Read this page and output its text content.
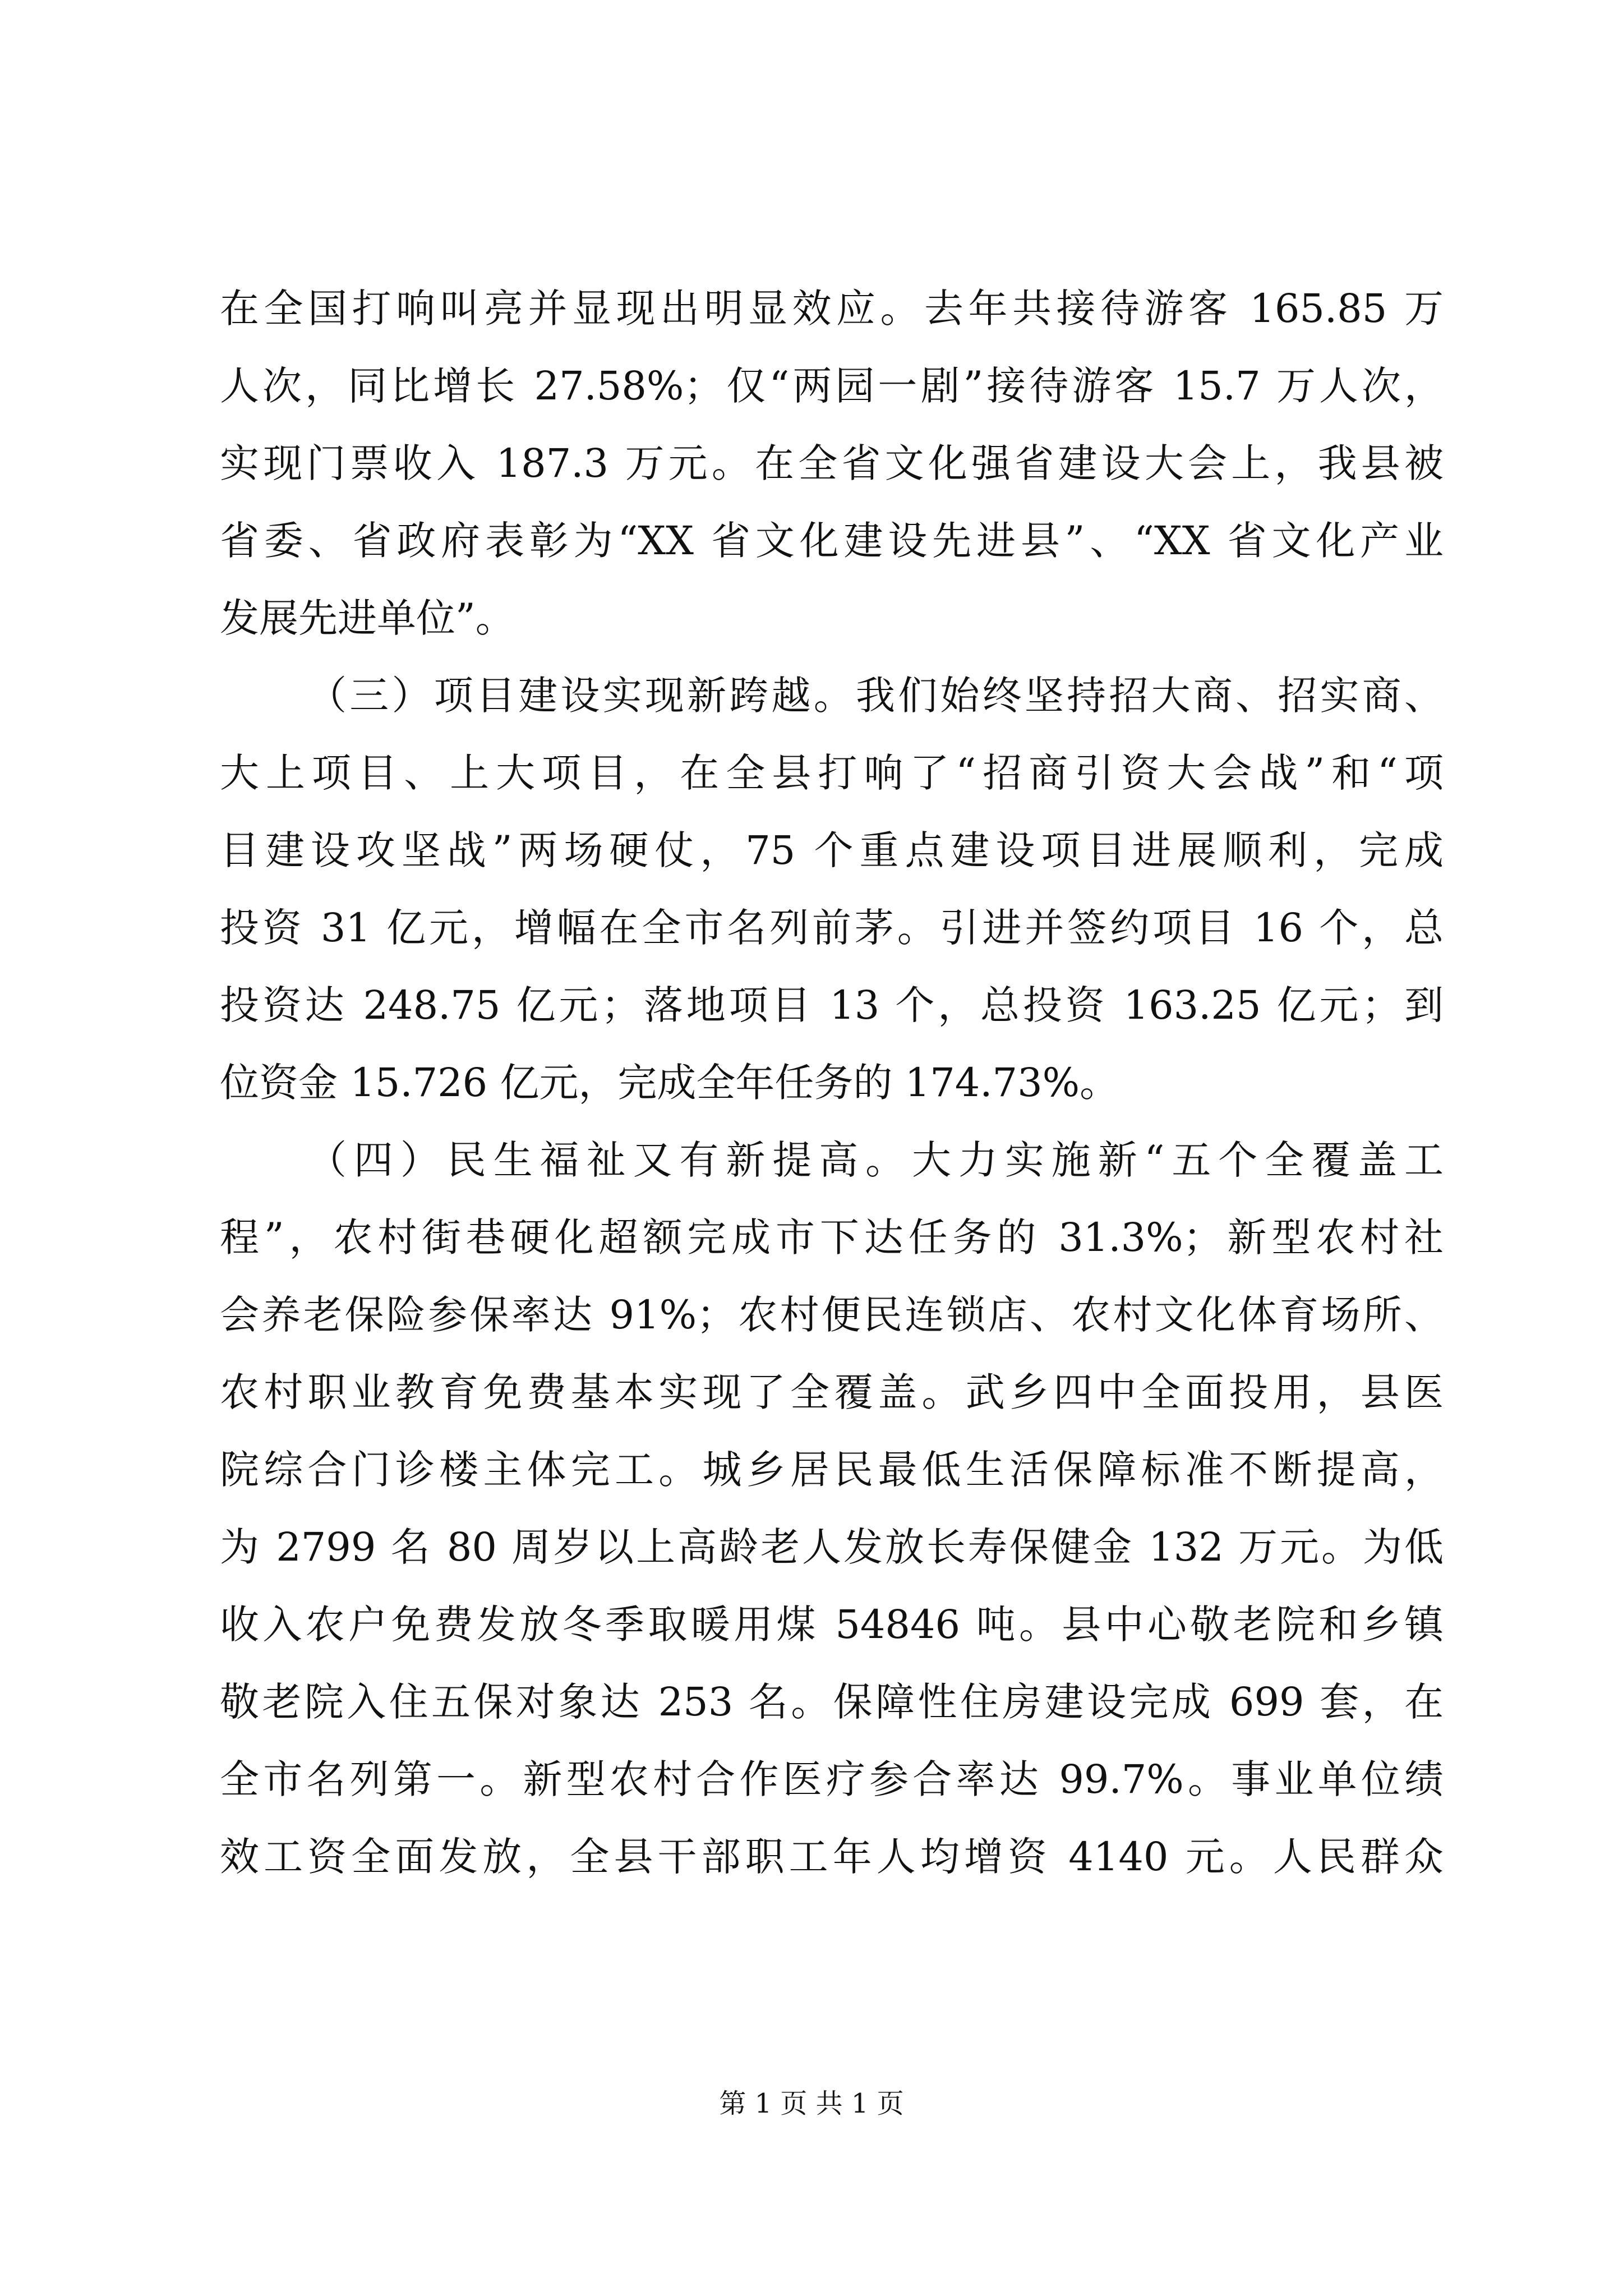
在全国打响叫亮并显现出明显效应。去年共接待游客 165.85 万
人次，同比增长 27.58%；仅“两园一剧”接待游客 15.7 万人次，
实现门票收入 187.3 万元。在全省文化强省建设大会上，我县被
省委、省政府表彰为“XX 省文化建设先进县”、“XX 省文化产业
发展先进单位”。
（三）项目建设实现新跨越。我们始终坚持招大商、招实商、
大上项目、上大项目，在全县打响了“招商引资大会战”和“项
目建设攻坚战”两场硬仗，75 个重点建设项目进展顺利，完成
投资 31 亿元，增幅在全市名列前茅。引进并签约项目 16 个，总
投资达 248.75 亿元；落地项目 13 个，总投资 163.25 亿元；到
位资金 15.726 亿元，完成全年任务的 174.73%。
（四）民生福祉又有新提高。大力实施新“五个全覆盖工
程”，农村街巷硬化超额完成市下达任务的 31.3%；新型农村社
会养老保险参保率达 91%；农村便民连锁店、农村文化体育场所、
农村职业教育免费基本实现了全覆盖。武乡四中全面投用，县医
院综合门诊楼主体完工。城乡居民最低生活保障标准不断提高，
为 2799 名 80 周岁以上高龄老人发放长寿保健金 132 万元。为低
收入农户免费发放冬季取暖用煤 54846 吨。县中心敬老院和乡镇
敬老院入住五保对象达 253 名。保障性住房建设完成 699 套，在
全市名列第一。新型农村合作医疗参合率达 99.7%。事业单位绩
效工资全面发放，全县干部职工年人均增资 4140 元。人民群众
第 1 页 共 1 页
